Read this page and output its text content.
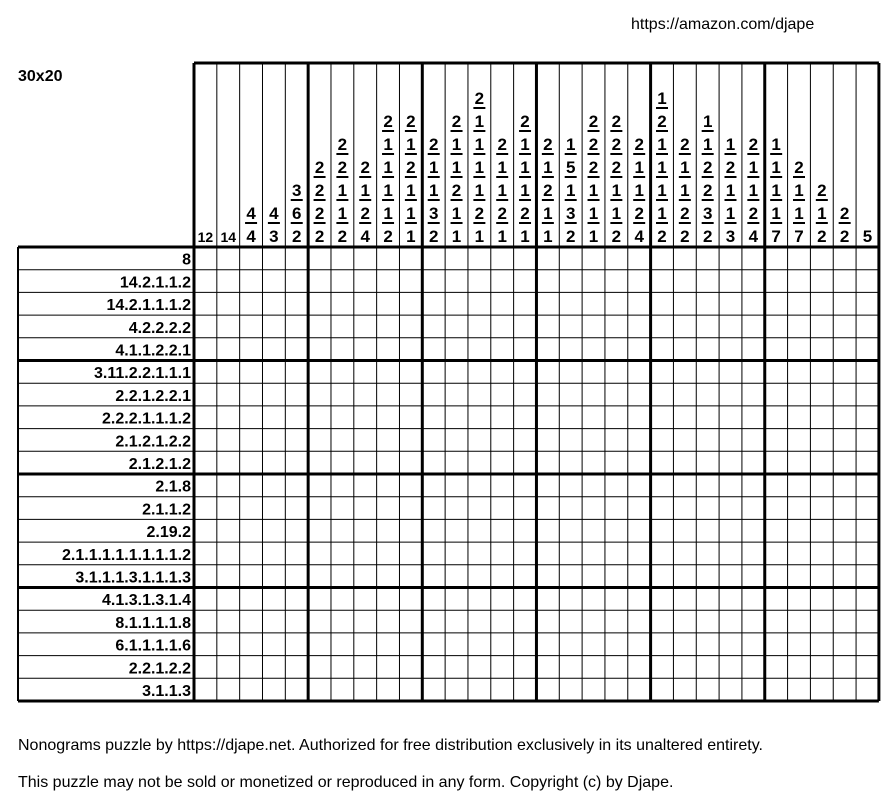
https://amazon.com/djape
30x20
12 14
4
4
4
3
3
6
2
2
2
2
2
2
2
1
1
2
2
1
2
4
2
1
1
1
1
2
2
1
2
1
1
1
2
1
1
3
2
2
1
1
2
1
1
2
1
1
1
1
2
1
2
1
1
2
1
2
1
1
1
2
1
2
1
2
1
1
1
5
1
3
2
2
2
2
1
1
1
2
2
2
1
1
2
2
1
1
2
4
1
2
1
1
1
1
2
2
1
1
2
2
1
1
2
2
3
2
1
2
1
1
3
2
1
1
2
4
1
1
1
1
7
2
1
1
7
2
1
2
2
2 5
8
14.2.1.1.2
14.2.1.1.1.2
4.2.2.2.2
4.1.1.2.2.1
3.11.2.2.1.1.1
2.2.1.2.2.1
2.2.2.1.1.1.2
2.1.2.1.2.2
2.1.2.1.2
2.1.8
2.1.1.2
2.19.2
2.1.1.1.1.1.1.1.1.2
3.1.1.1.3.1.1.1.3
4.1.3.1.3.1.4
8.1.1.1.1.8
6.1.1.1.1.6
2.2.1.2.2
3.1.1.3
Nonograms puzzle by https://djape.net. Authorized for free distribution exclusively in its unaltered entirety.
This puzzle may not be sold or monetized or reproduced in any form. Copyright (c) by Djape.
